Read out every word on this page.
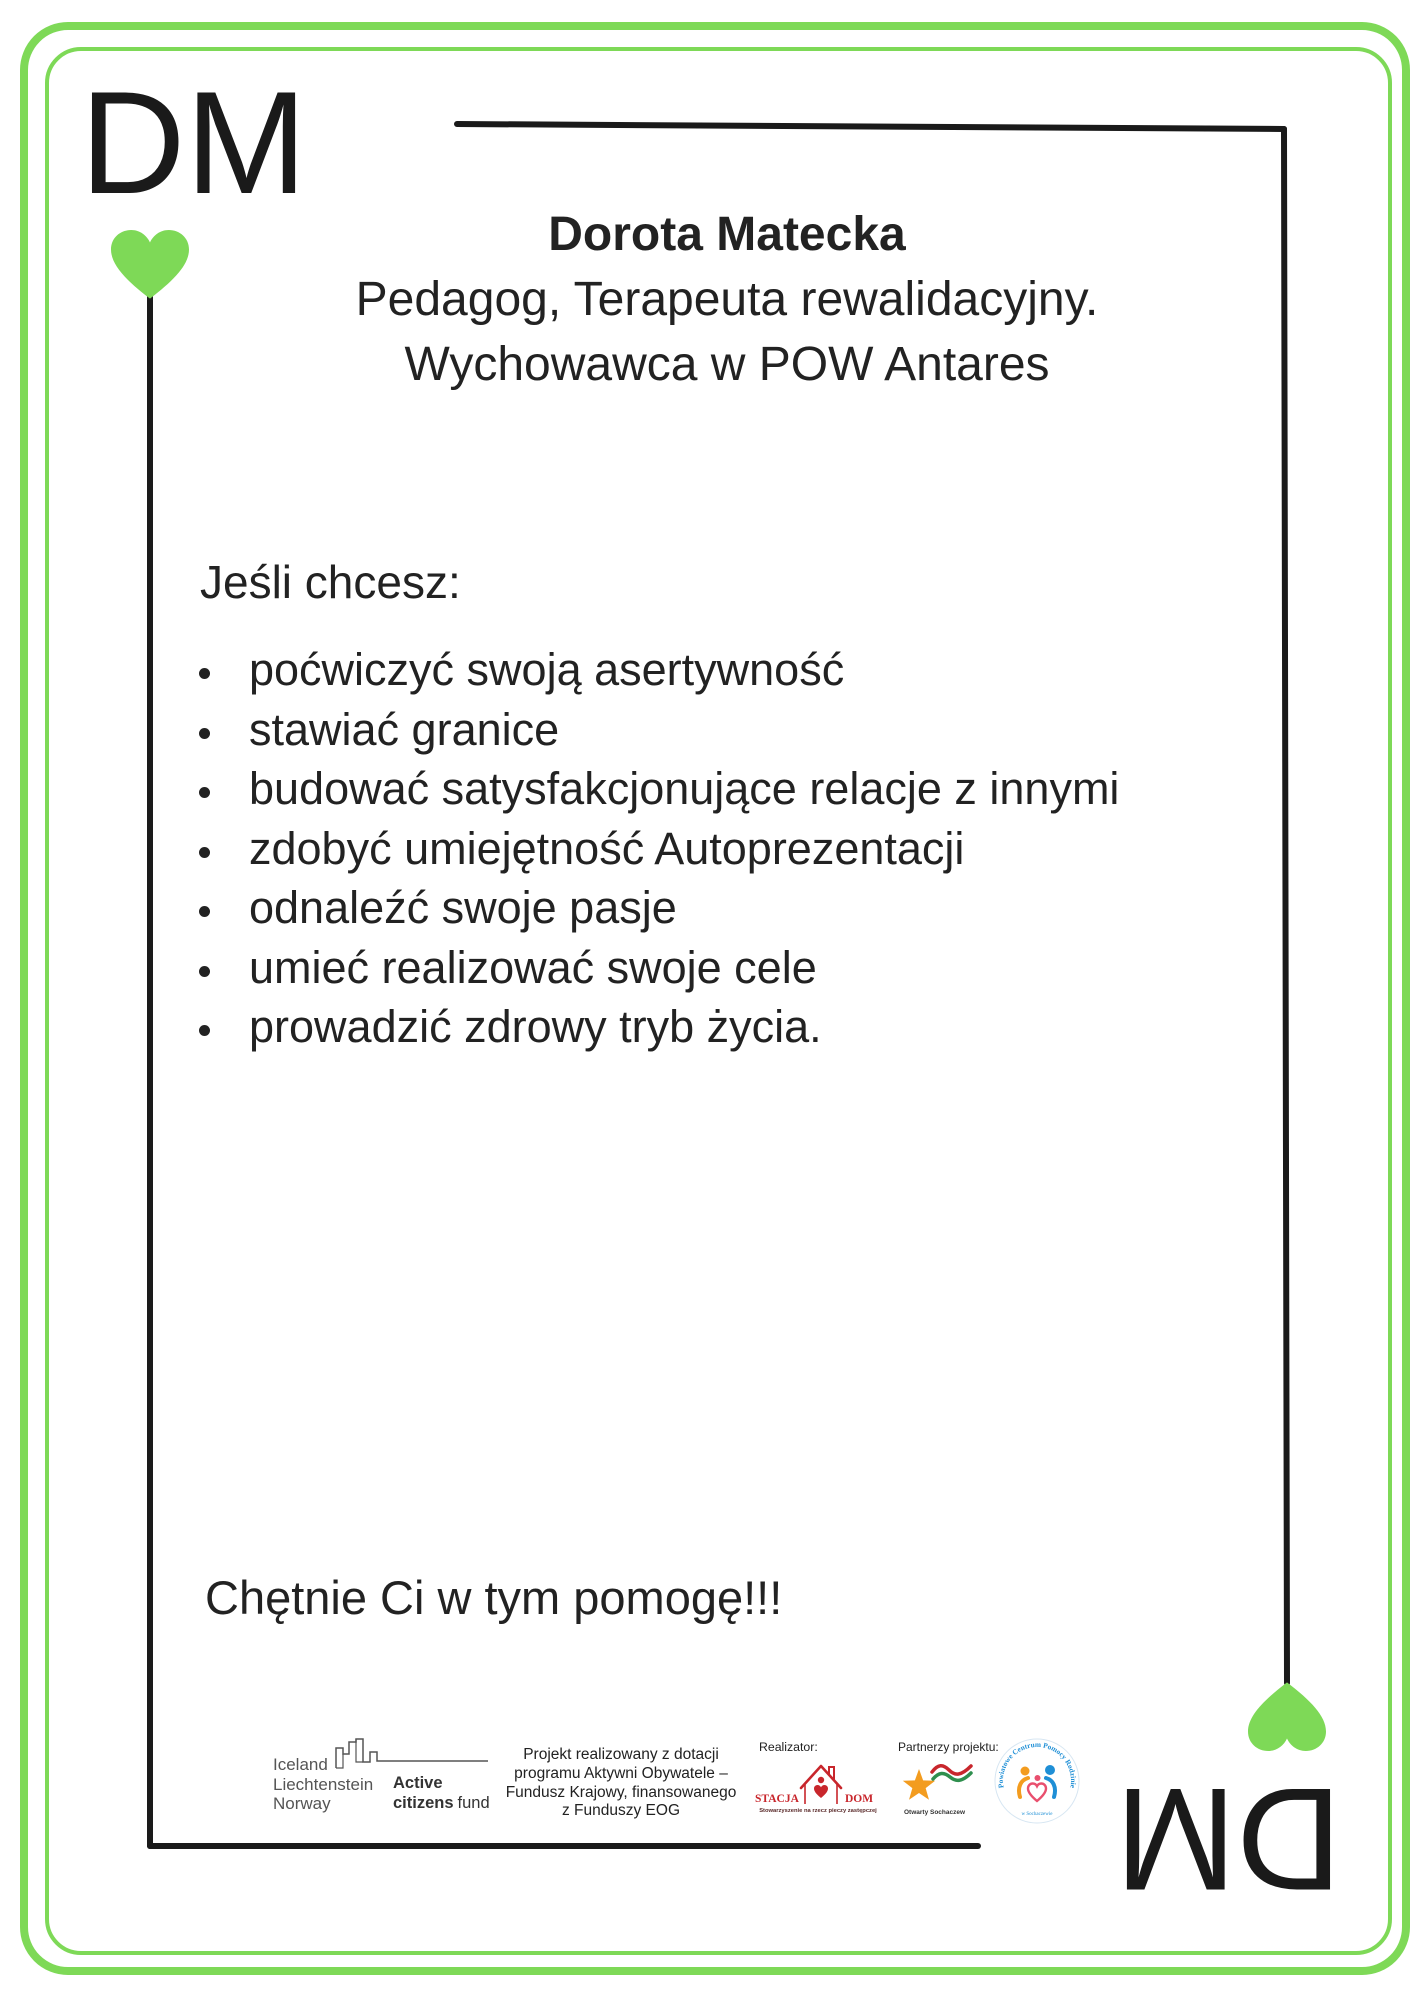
DM
DM
Dorota Matecka
Pedagog, Terapeuta rewalidacyjny.
Wychowawca w POW Antares
Jeśli chcesz:
poćwiczyć swoją asertywność
stawiać granice
budować satysfakcjonujące relacje z innymi
zdobyć umiejętność Autoprezentacji
odnaleźć swoje pasje
umieć realizować swoje cele
prowadzić zdrowy tryb życia.
Chętnie Ci w tym pomogę!!!
Iceland
Liechtenstein
Norway
Active
citizens fund
Projekt realizowany z dotacji
programu Aktywni Obywatele –
Fundusz Krajowy, finansowanego
z Funduszy EOG
Realizator:
STACJA	DOM
Stowarzyszenie na rzecz pieczy zastępczej
Partnerzy projektu:
Otwarty Sochaczew
Powiatowe Centrum Pomocy Rodzinie
w Sochaczewie
